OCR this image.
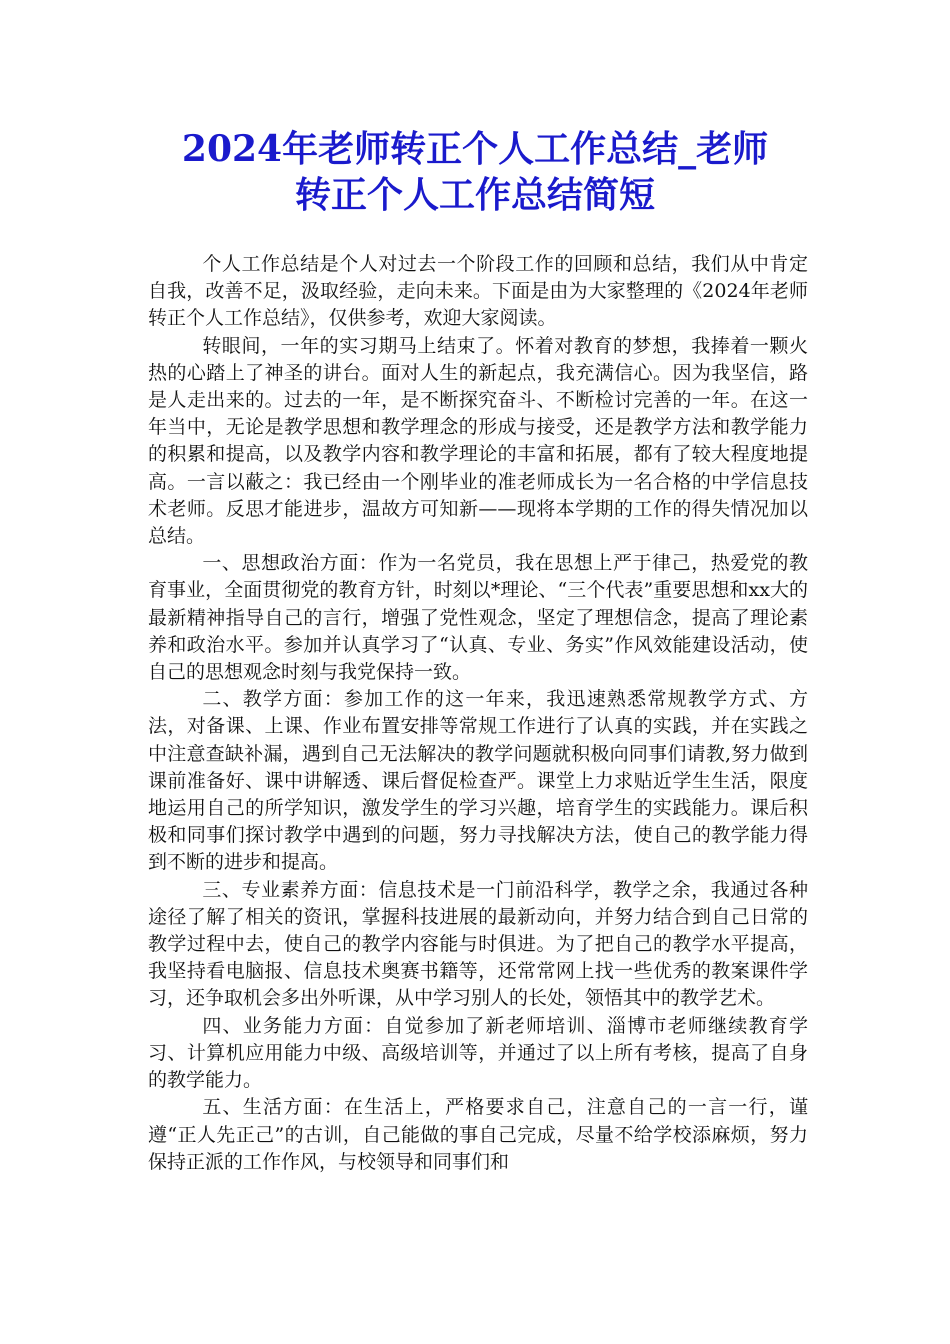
2024年老师转正个人工作总结_老师
转正个人工作总结简短

个人工作总结是个人对过去一个阶段工作的回顾和总结，我们从中肯定自我，改善不足，汲取经验，走向未来。下面是由为大家整理的《2024年老师转正个人工作总结》，仅供参考，欢迎大家阅读。

转眼间，一年的实习期马上结束了。怀着对教育的梦想，我捧着一颗火热的心踏上了神圣的讲台。面对人生的新起点，我充满信心。因为我坚信，路是人走出来的。过去的一年，是不断探究奋斗、不断检讨完善的一年。在这一年当中，无论是教学思想和教学理念的形成与接受，还是教学方法和教学能力的积累和提高，以及教学内容和教学理论的丰富和拓展，都有了较大程度地提高。一言以蔽之：我已经由一个刚毕业的准老师成长为一名合格的中学信息技术老师。反思才能进步，温故方可知新——现将本学期的工作的得失情况加以总结。

一、思想政治方面：作为一名党员，我在思想上严于律己，热爱党的教育事业，全面贯彻党的教育方针，时刻以*理论、“三个代表”重要思想和xx大的最新精神指导自己的言行，增强了党性观念，坚定了理想信念，提高了理论素养和政治水平。参加并认真学习了“认真、专业、务实”作风效能建设活动，使自己的思想观念时刻与我党保持一致。

二、教学方面：参加工作的这一年来，我迅速熟悉常规教学方式、方法，对备课、上课、作业布置安排等常规工作进行了认真的实践，并在实践之中注意查缺补漏，遇到自己无法解决的教学问题就积极向同事们请教,努力做到课前准备好、课中讲解透、课后督促检查严。课堂上力求贴近学生生活，限度地运用自己的所学知识，激发学生的学习兴趣，培育学生的实践能力。课后积极和同事们探讨教学中遇到的问题，努力寻找解决方法，使自己的教学能力得到不断的进步和提高。

三、专业素养方面：信息技术是一门前沿科学，教学之余，我通过各种途径了解了相关的资讯，掌握科技进展的最新动向，并努力结合到自己日常的教学过程中去，使自己的教学内容能与时俱进。为了把自己的教学水平提高，我坚持看电脑报、信息技术奥赛书籍等，还常常网上找一些优秀的教案课件学习，还争取机会多出外听课，从中学习别人的长处，领悟其中的教学艺术。

四、业务能力方面：自觉参加了新老师培训、淄博市老师继续教育学习、计算机应用能力中级、高级培训等，并通过了以上所有考核，提高了自身的教学能力。

五、生活方面：在生活上，严格要求自己，注意自己的一言一行，谨遵“正人先正己”的古训，自己能做的事自己完成，尽量不给学校添麻烦，努力保持正派的工作作风，与校领导和同事们和
